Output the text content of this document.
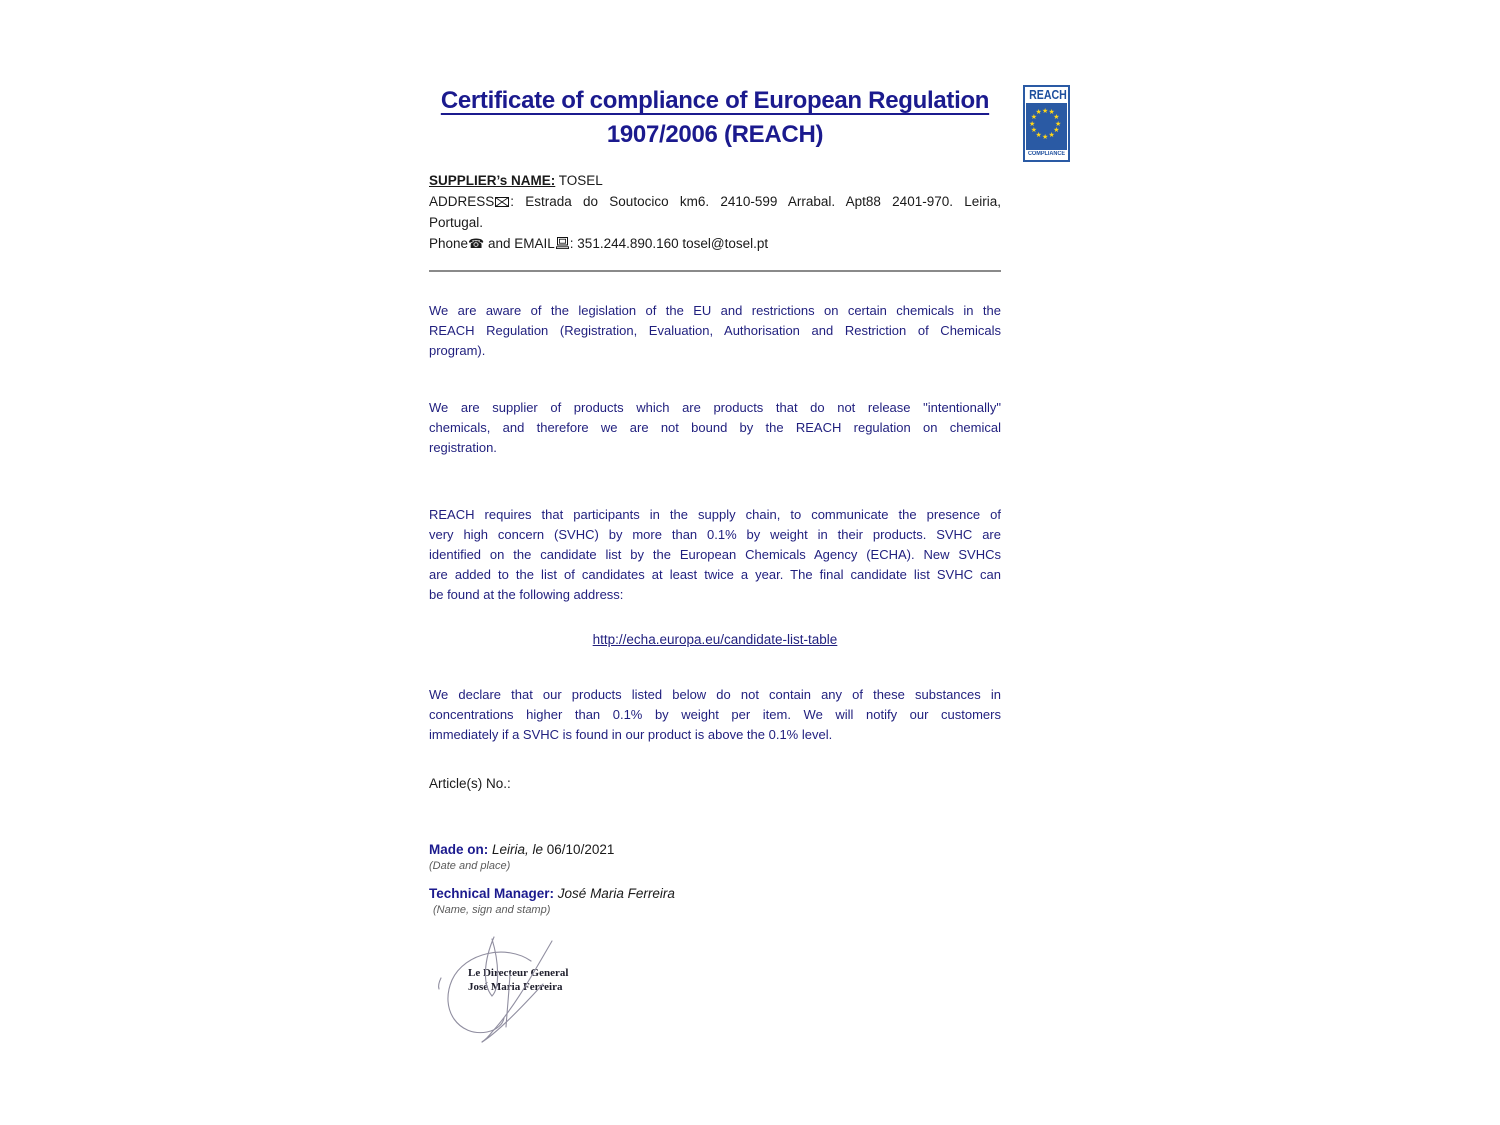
Certificate of compliance of European Regulation
1907/2006 (REACH)
SUPPLIER’s NAME: TOSEL
ADDRESS : Estrada do Soutocico km6. 2410-599 Arrabal. Apt88 2401-970. Leiria,
Portugal.
Phone☎ and EMAIL : 351.244.890.160 tosel@tosel.pt
We are aware of the legislation of the EU and restrictions on certain chemicals in the
REACH Regulation (Registration, Evaluation, Authorisation and Restriction of Chemicals
program).
We are supplier of products which are products that do not release "intentionally"
chemicals, and therefore we are not bound by the REACH regulation on chemical
registration.
REACH requires that participants in the supply chain, to communicate the presence of
very high concern (SVHC) by more than 0.1% by weight in their products. SVHC are
identified on the candidate list by the European Chemicals Agency (ECHA). New SVHCs
are added to the list of candidates at least twice a year. The final candidate list SVHC can
be found at the following address:
http://echa.europa.eu/candidate-list-table
We declare that our products listed below do not contain any of these substances in
concentrations higher than 0.1% by weight per item. We will notify our customers
immediately if a SVHC is found in our product is above the 0.1% level.
Article(s) No.:
Made on: Leiria, le 06/10/2021
(Date and place)
Technical Manager: José Maria Ferreira
(Name, sign and stamp)
Le Directeur General
José Maria Ferreira
REACH
★ ★
★
★
★
★
★
★
★
★
★
★
COMPLIANCE
